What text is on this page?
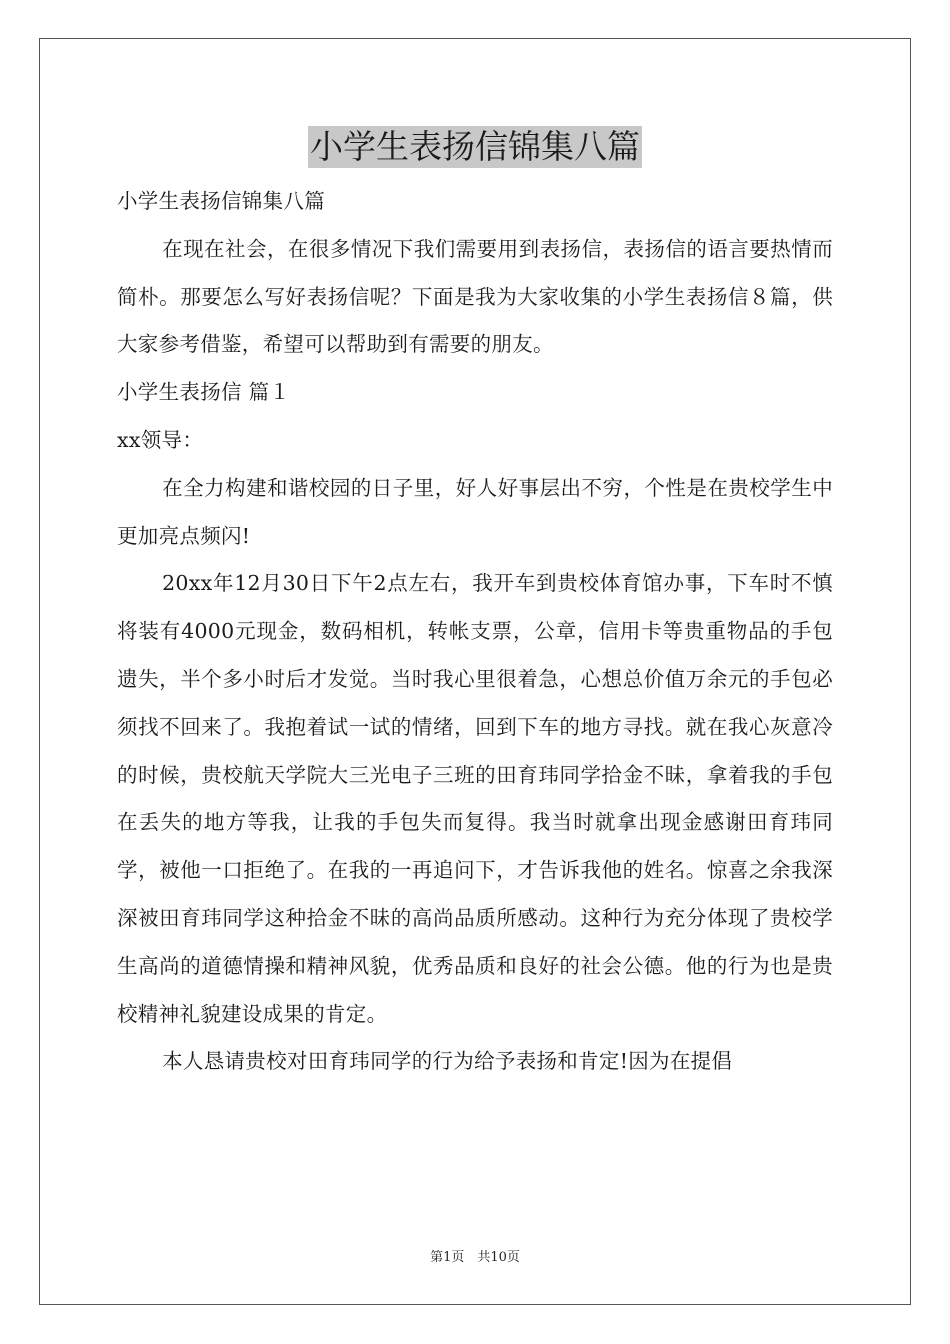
小学生表扬信锦集八篇

小学生表扬信锦集八篇

在现在社会，在很多情况下我们需要用到表扬信，表扬信的语言要热情而简朴。那要怎么写好表扬信呢？下面是我为大家收集的小学生表扬信８篇，供大家参考借鉴，希望可以帮助到有需要的朋友。

小学生表扬信 篇１

xx领导：

在全力构建和谐校园的日子里，好人好事层出不穷，个性是在贵校学生中更加亮点频闪!

20xx年12月30日下午2点左右，我开车到贵校体育馆办事，下车时不慎将装有4000元现金，数码相机，转帐支票，公章，信用卡等贵重物品的手包遗失，半个多小时后才发觉。当时我心里很着急，心想总价值万余元的手包必须找不回来了。我抱着试一试的情绪，回到下车的地方寻找。就在我心灰意冷的时候，贵校航天学院大三光电子三班的田育玮同学拾金不昧，拿着我的手包在丢失的地方等我，让我的手包失而复得。我当时就拿出现金感谢田育玮同学，被他一口拒绝了。在我的一再追问下，才告诉我他的姓名。惊喜之余我深深被田育玮同学这种拾金不昧的高尚品质所感动。这种行为充分体现了贵校学生高尚的道德情操和精神风貌，优秀品质和良好的社会公德。他的行为也是贵校精神礼貌建设成果的肯定。

本人恳请贵校对田育玮同学的行为给予表扬和肯定!因为在提倡

第1页　共10页
